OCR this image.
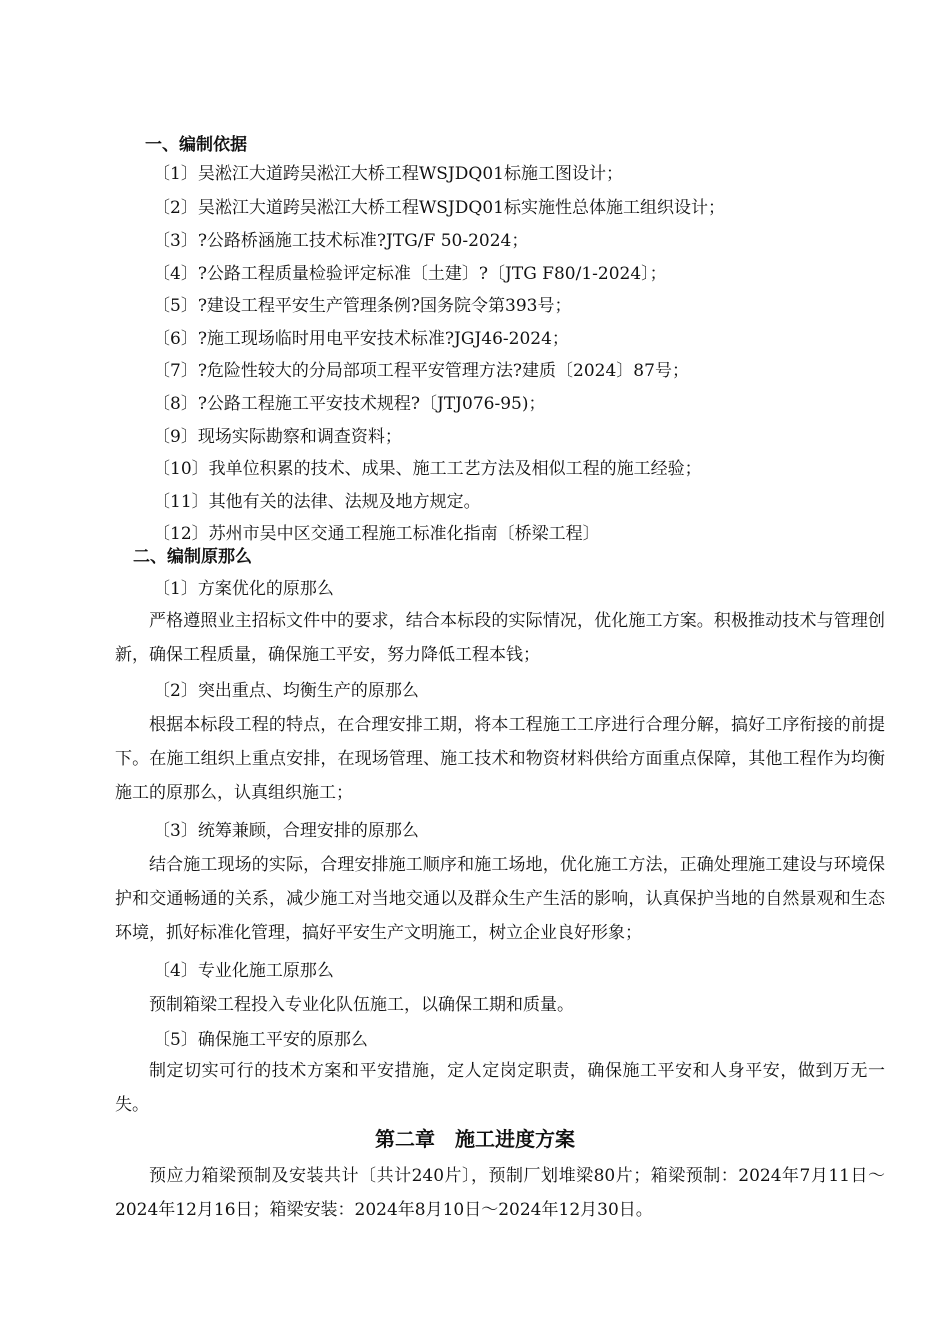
一、编制依据
〔1〕吴淞江大道跨吴淞江大桥工程WSJDQ01标施工图设计；
〔2〕吴淞江大道跨吴淞江大桥工程WSJDQ01标实施性总体施工组织设计；
〔3〕?公路桥涵施工技术标准?JTG/F 50-2024；
〔4〕?公路工程质量检验评定标准〔土建〕?〔JTG F80/1-2024〕；
〔5〕?建设工程平安生产管理条例?国务院令第393号；
〔6〕?施工现场临时用电平安技术标准?JGJ46-2024；
〔7〕?危险性较大的分局部项工程平安管理方法?建质〔2024〕87号；
〔8〕?公路工程施工平安技术规程?〔JTJ076-95)；
〔9〕现场实际勘察和调查资料；
〔10〕我单位积累的技术、成果、施工工艺方法及相似工程的施工经验；
〔11〕其他有关的法律、法规及地方规定。
〔12〕苏州市吴中区交通工程施工标准化指南〔桥梁工程〕
二、编制原那么
〔1〕方案优化的原那么
严格遵照业主招标文件中的要求，结合本标段的实际情况，优化施工方案。积极推动技术与管理创新，确保工程质量，确保施工平安，努力降低工程本钱；
〔2〕突出重点、均衡生产的原那么
根据本标段工程的特点，在合理安排工期，将本工程施工工序进行合理分解，搞好工序衔接的前提下。在施工组织上重点安排，在现场管理、施工技术和物资材料供给方面重点保障，其他工程作为均衡施工的原那么，认真组织施工；
〔3〕统筹兼顾，合理安排的原那么
结合施工现场的实际，合理安排施工顺序和施工场地，优化施工方法，正确处理施工建设与环境保护和交通畅通的关系，减少施工对当地交通以及群众生产生活的影响，认真保护当地的自然景观和生态环境，抓好标准化管理，搞好平安生产文明施工，树立企业良好形象；
〔4〕专业化施工原那么
预制箱梁工程投入专业化队伍施工，以确保工期和质量。
〔5〕确保施工平安的原那么
制定切实可行的技术方案和平安措施，定人定岗定职责，确保施工平安和人身平安，做到万无一失。
第二章　施工进度方案
预应力箱梁预制及安装共计〔共计240片〕，预制厂划堆梁80片；箱梁预制：2024年7月11日～2024年12月16日；箱梁安装：2024年8月10日～2024年12月30日。
